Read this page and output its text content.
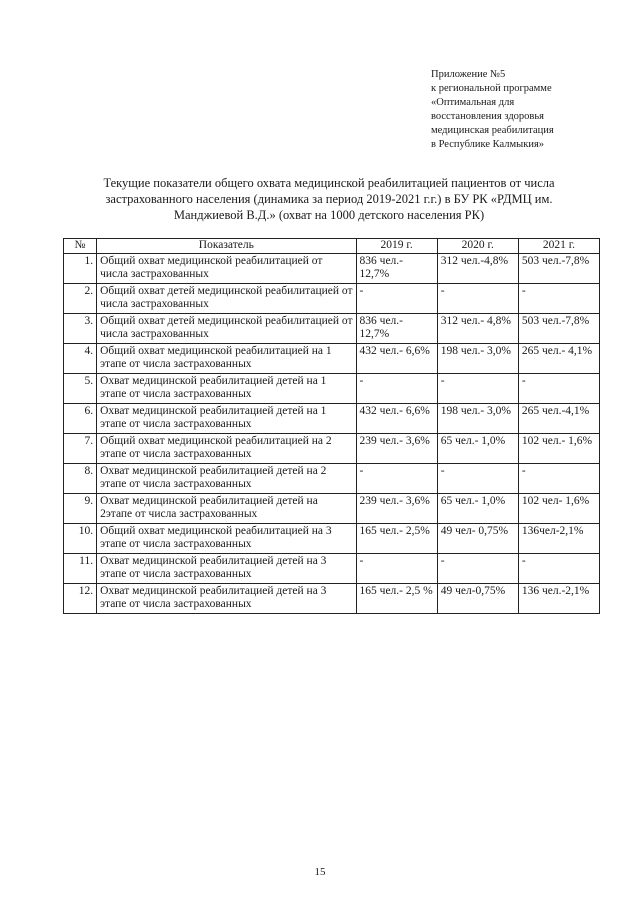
Приложение №5
к региональной программе
«Оптимальная для
восстановления здоровья
медицинская реабилитация
в Республике Калмыкия»
Текущие показатели общего охвата медицинской реабилитацией пациентов от числа
застрахованного населения (динамика за период 2019-2021 г.г.) в БУ РК «РДМЦ им.
Манджиевой В.Д.» (охват на 1000 детского населения РК)
№	Показатель	2019 г.	2020 г.	2021 г.
1.	Общий охват медицинской реабилитацией от числа застрахованных	836 чел.- 12,7%	312 чел.-4,8%	503 чел.-7,8%
2.	Общий охват детей медицинской реабилитацией от числа застрахованных	-	-	-
3.	Общий охват детей медицинской реабилитацией от числа застрахованных	836 чел.- 12,7%	312 чел.- 4,8%	503 чел.-7,8%
4.	Общий охват медицинской реабилитацией на 1 этапе от числа застрахованных	432 чел.- 6,6%	198 чел.- 3,0%	265 чел.- 4,1%
5.	Охват медицинской реабилитацией детей на 1 этапе от числа застрахованных	-	-	-
6.	Охват медицинской реабилитацией детей на 1 этапе от числа застрахованных	432 чел.- 6,6%	198 чел.- 3,0%	265 чел.-4,1%
7.	Общий охват медицинской реабилитацией на 2 этапе от числа застрахованных	239 чел.- 3,6%	65 чел.- 1,0%	102 чел.- 1,6%
8.	Охват медицинской реабилитацией детей на 2 этапе от числа застрахованных	-	-	-
9.	Охват медицинской реабилитацией детей на 2этапе от числа застрахованных	239 чел.- 3,6%	65 чел.- 1,0%	102 чел- 1,6%
10.	Общий охват медицинской реабилитацией на 3 этапе от числа застрахованных	165 чел.- 2,5%	49 чел- 0,75%	136чел-2,1%
11.	Охват медицинской реабилитацией детей на 3 этапе от числа застрахованных	-	-	-
12.	Охват медицинской реабилитацией детей на 3 этапе от числа застрахованных	165 чел.- 2,5 %	49 чел-0,75%	136 чел.-2,1%
15
